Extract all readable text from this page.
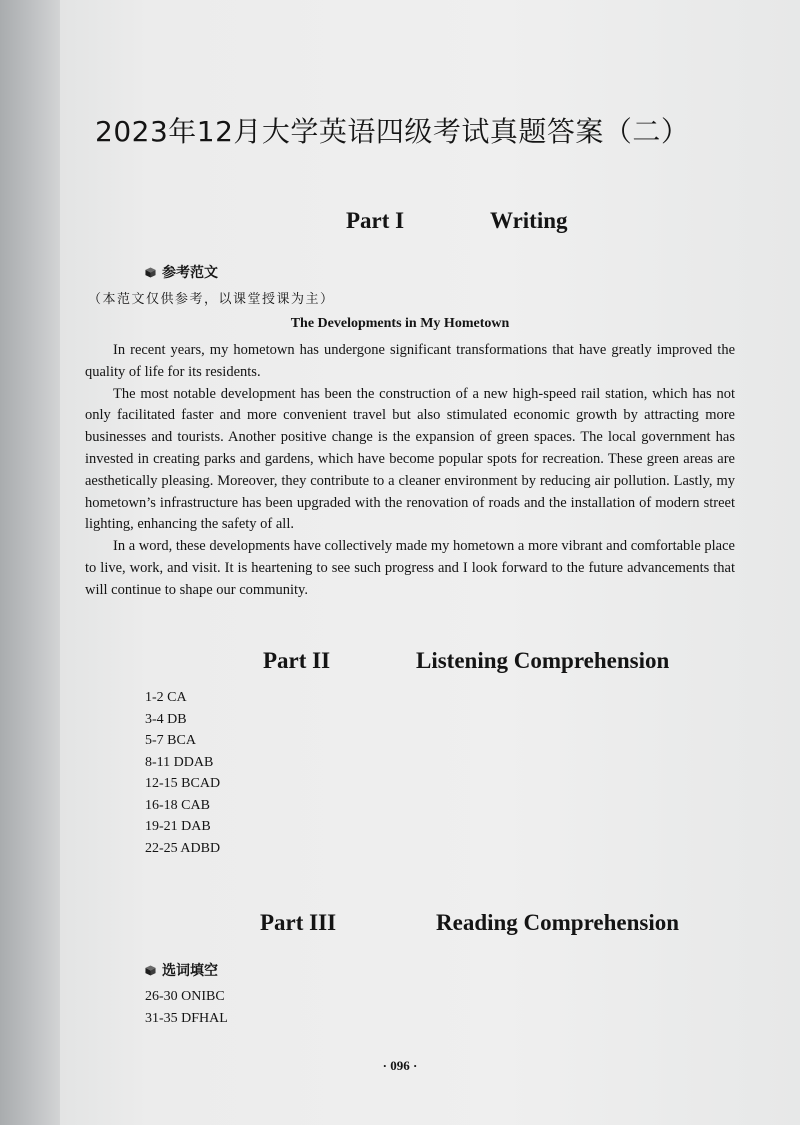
2023年12月大学英语四级考试真题答案（二）
Part I	Writing
参考范文
（本范文仅供参考，以课堂授课为主）
The Developments in My Hometown

In recent years, my hometown has undergone significant transformations that have greatly improved the quality of life for its residents.

The most notable development has been the construction of a new high-speed rail station, which has not only facilitated faster and more convenient travel but also stimulated economic growth by attracting more businesses and tourists. Another positive change is the expansion of green spaces. The local government has invested in creating parks and gardens, which have become popular spots for recreation. These green areas are aesthetically pleasing. Moreover, they contribute to a cleaner environment by reducing air pollution. Lastly, my hometown’s infrastructure has been upgraded with the renovation of roads and the installation of modern street lighting, enhancing the safety of all.

In a word, these developments have collectively made my hometown a more vibrant and comfortable place to live, work, and visit. It is heartening to see such progress and I look forward to the future advancements that will continue to shape our community.

Part II	Listening Comprehension
1-2 CA
3-4 DB
5-7 BCA
8-11 DDAB
12-15 BCAD
16-18 CAB
19-21 DAB
22-25 ADBD
Part III	Reading Comprehension
选词填空
26-30 ONIBC
31-35 DFHAL
· 096 ·
